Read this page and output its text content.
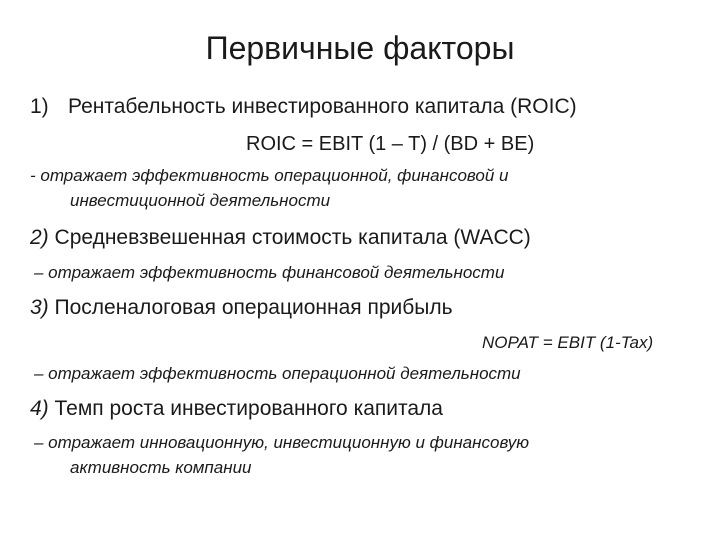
Первичные факторы
1) Рентабельность инвестированного капитала (ROIC)
ROIC = EBIT (1 – T) / (BD + BE)
- отражает эффективность операционной, финансовой и
инвестиционной деятельности
2) Средневзвешенная стоимость капитала (WACC)
– отражает эффективность финансовой деятельности
3) Посленалоговая операционная прибыль
NOPAT = EBIT (1-Tax)
– отражает эффективность операционной деятельности
4) Темп роста инвестированного капитала
– отражает инновационную, инвестиционную и финансовую
активность компании
